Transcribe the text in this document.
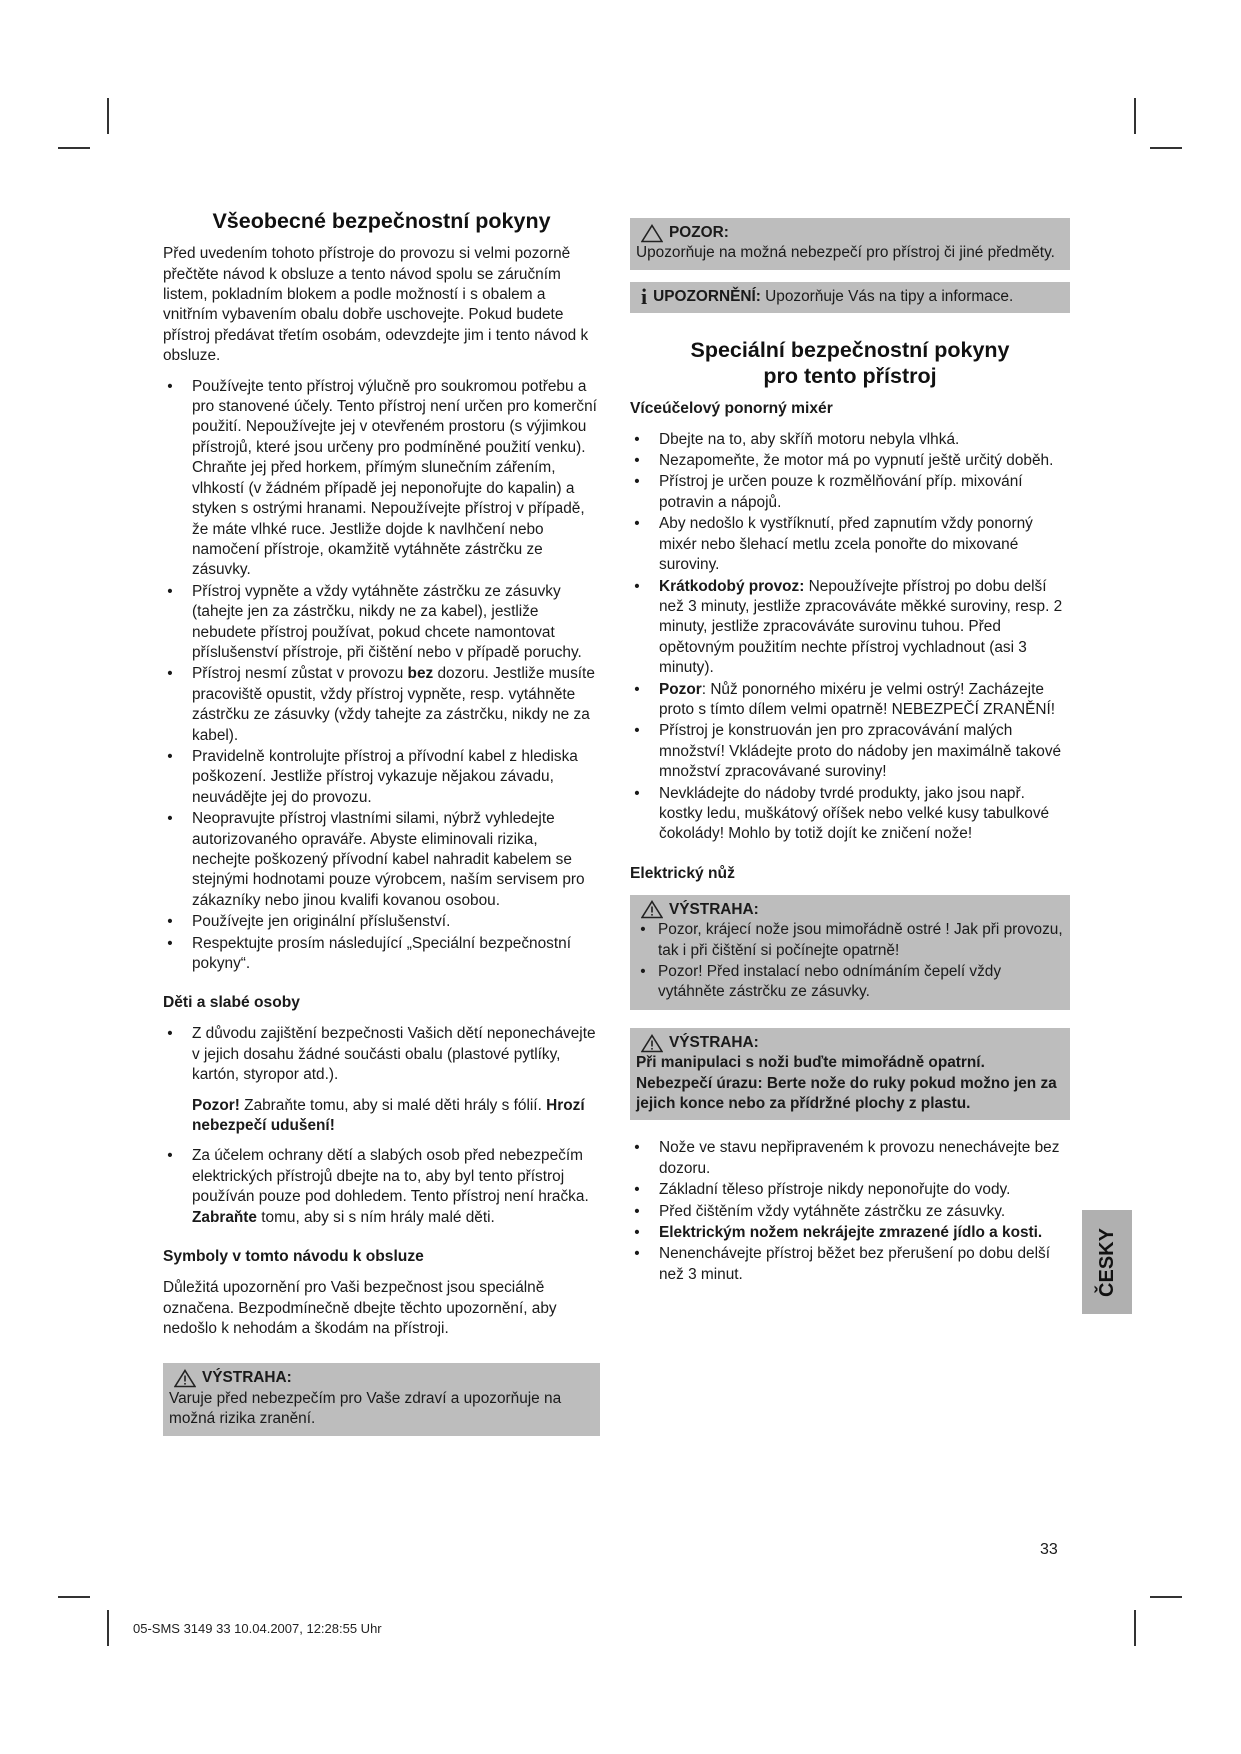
Všeobecné bezpečnostní pokyny

Před uvedením tohoto přístroje do provozu si velmi pozorně přečtěte návod k obsluze a tento návod spolu se záručním listem, pokladním blokem a podle možností i s obalem a vnitřním vybavením obalu dobře uschovejte. Pokud budete přístroj předávat třetím osobám, odevzdejte jim i tento návod k obsluze.

• Používejte tento přístroj výlučně pro soukromou potřebu a pro stanovené účely. Tento přístroj není určen pro komerční použití. Nepoužívejte jej v otevřeném prostoru (s výjimkou přístrojů, které jsou určeny pro podmíněné použití venku). Chraňte jej před horkem, přímým slunečním zářením, vlhkostí (v žádném případě jej neponořujte do kapalin) a styken s ostrými hranami. Nepoužívejte přístroj v případě, že máte vlhké ruce. Jestliže dojde k navlhčení nebo namočení přístroje, okamžitě vytáhněte zástrčku ze zásuvky.
• Přístroj vypněte a vždy vytáhněte zástrčku ze zásuvky (tahejte jen za zástrčku, nikdy ne za kabel), jestliže nebudete přístroj používat, pokud chcete namontovat příslušenství přístroje, při čištění nebo v případě poruchy.
• Přístroj nesmí zůstat v provozu bez dozoru. Jestliže musíte pracoviště opustit, vždy přístroj vypněte, resp. vytáhněte zástrčku ze zásuvky (vždy tahejte za zástrčku, nikdy ne za kabel).
• Pravidelně kontrolujte přístroj a přívodní kabel z hlediska poškození. Jestliže přístroj vykazuje nějakou závadu, neuvádějte jej do provozu.
• Neopravujte přístroj vlastními silami, nýbrž vyhledejte autorizovaného opraváře. Abyste eliminovali rizika, nechejte poškozený přívodní kabel nahradit kabelem se stejnými hodnotami pouze výrobcem, naším servisem pro zákazníky nebo jinou kvalifi kovanou osobou.
• Používejte jen originální příslušenství.
• Respektujte prosím následující „Speciální bezpečnostní pokyny“.
Děti a slabé osoby
• Z důvodu zajištění bezpečnosti Vašich dětí neponechávejte v jejich dosahu žádné součásti obalu (plastové pytlíky, kartón, styropor atd.).
Pozor! Zabraňte tomu, aby si malé děti hrály s fólií. Hrozí nebezpečí udušení!
• Za účelem ochrany dětí a slabých osob před nebezpečím elektrických přístrojů dbejte na to, aby byl tento přístroj používán pouze pod dohledem. Tento přístroj není hračka. Zabraňte tomu, aby si s ním hrály malé děti.
Symboly v tomto návodu k obsluze

Důležitá upozornění pro Vaši bezpečnost jsou speciálně označena. Bezpodmínečně dbejte těchto upozornění, aby nedošlo k nehodám a škodám na přístroji.

VÝSTRAHA:
Varuje před nebezpečím pro Vaše zdraví a upozorňuje na možná rizika zranění.
POZOR:
Upozorňuje na možná nebezpečí pro přístroj či jiné předměty.
i UPOZORNĚNÍ: Upozorňuje Vás na tipy a informace.
Speciální bezpečnostní pokyny
pro tento přístroj
Víceúčelový ponorný mixér
• Dbejte na to, aby skříň motoru nebyla vlhká.
• Nezapomeňte, že motor má po vypnutí ještě určitý doběh.
• Přístroj je určen pouze k rozmělňování příp. mixování potravin a nápojů.
• Aby nedošlo k vystříknutí, před zapnutím vždy ponorný mixér nebo šlehací metlu zcela ponořte do mixované suroviny.
• Krátkodobý provoz: Nepoužívejte přístroj po dobu delší než 3 minuty, jestliže zpracováváte měkké suroviny, resp. 2 minuty, jestliže zpracováváte surovinu tuhou. Před opětovným použitím nechte přístroj vychladnout (asi 3 minuty).
• Pozor: Nůž ponorného mixéru je velmi ostrý! Zacházejte proto s tímto dílem velmi opatrně! NEBEZPEČÍ ZRANĚNÍ!
• Přístroj je konstruován jen pro zpracovávání malých množství! Vkládejte proto do nádoby jen maximálně takové množství zpracovávané suroviny!
• Nevkládejte do nádoby tvrdé produkty, jako jsou např. kostky ledu, muškátový oříšek nebo velké kusy tabulkové čokolády! Mohlo by totiž dojít ke zničení nože!
Elektrický nůž
VÝSTRAHA:
• Pozor, krájecí nože jsou mimořádně ostré ! Jak při provozu, tak i při čištění si počínejte opatrně!
• Pozor! Před instalací nebo odnímáním čepelí vždy vytáhněte zástrčku ze zásuvky.
VÝSTRAHA:
Při manipulaci s noži buďte mimořádně opatrní. Nebezpečí úrazu: Berte nože do ruky pokud možno jen za jejich konce nebo za přídržné plochy z plastu.
• Nože ve stavu nepřipraveném k provozu nenechávejte bez dozoru.
• Základní těleso přístroje nikdy neponořujte do vody.
• Před čištěním vždy vytáhněte zástrčku ze zásuvky.
• Elektrickým nožem nekrájejte zmrazené jídlo a kosti.
• Nenenchávejte přístroj běžet bez přerušení po dobu delší než 3 minut.	ČESKY
33
05-SMS 3149 33 10.04.2007, 12:28:55 Uhr
